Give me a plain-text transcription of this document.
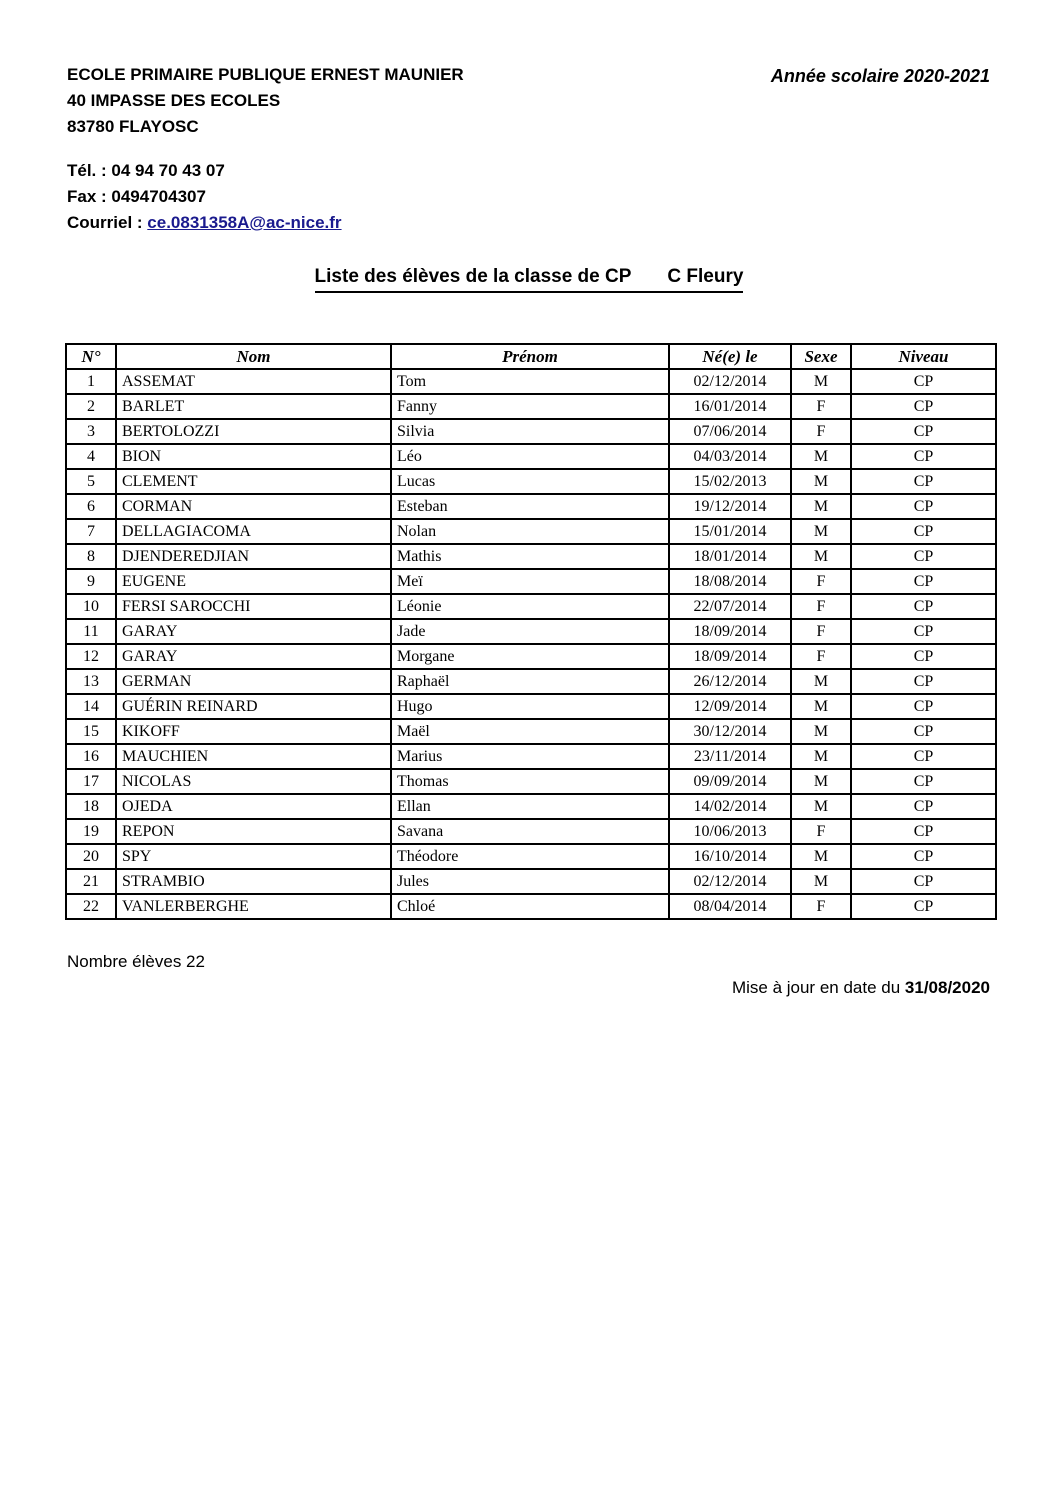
ECOLE PRIMAIRE PUBLIQUE ERNEST MAUNIER
40 IMPASSE DES ECOLES
83780 FLAYOSC
Année scolaire 2020-2021
Tél. : 04 94 70 43 07
Fax : 0494704307
Courriel : ce.0831358A@ac-nice.fr
Liste des élèves de la classe de CP C Fleury
N°	Nom	Prénom	Né(e) le	Sexe	Niveau
1	ASSEMAT	Tom	02/12/2014	M	CP
2	BARLET	Fanny	16/01/2014	F	CP
3	BERTOLOZZI	Silvia	07/06/2014	F	CP
4	BION	Léo	04/03/2014	M	CP
5	CLEMENT	Lucas	15/02/2013	M	CP
6	CORMAN	Esteban	19/12/2014	M	CP
7	DELLAGIACOMA	Nolan	15/01/2014	M	CP
8	DJENDEREDJIAN	Mathis	18/01/2014	M	CP
9	EUGENE	Meï	18/08/2014	F	CP
10	FERSI SAROCCHI	Léonie	22/07/2014	F	CP
11	GARAY	Jade	18/09/2014	F	CP
12	GARAY	Morgane	18/09/2014	F	CP
13	GERMAN	Raphaël	26/12/2014	M	CP
14	GUÉRIN REINARD	Hugo	12/09/2014	M	CP
15	KIKOFF	Maël	30/12/2014	M	CP
16	MAUCHIEN	Marius	23/11/2014	M	CP
17	NICOLAS	Thomas	09/09/2014	M	CP
18	OJEDA	Ellan	14/02/2014	M	CP
19	REPON	Savana	10/06/2013	F	CP
20	SPY	Théodore	16/10/2014	M	CP
21	STRAMBIO	Jules	02/12/2014	M	CP
22	VANLERBERGHE	Chloé	08/04/2014	F	CP
Nombre élèves 22
Mise à jour en date du 31/08/2020
